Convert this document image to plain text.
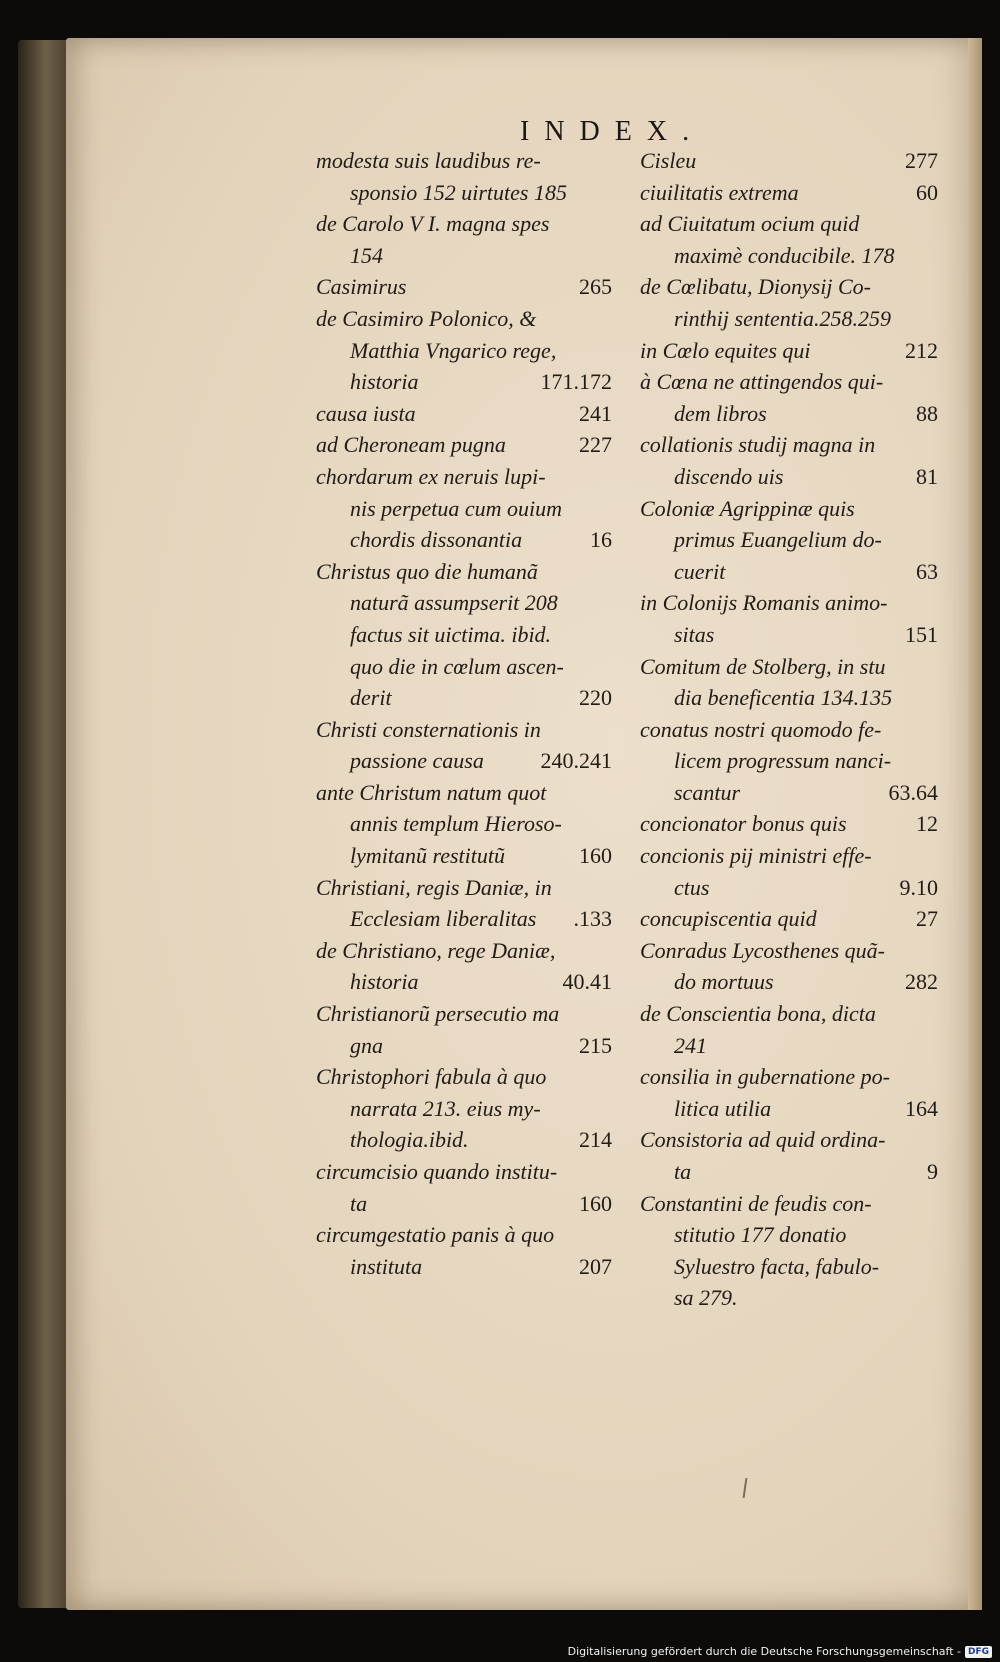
INDEX.
modesta suis laudibus re-
sponsio 152 uirtutes 185
de Carolo V I. magna spes
154
Casimirus	265
de Casimiro Polonico, &
Matthia Vngarico rege,
historia	171.172
causa iusta	241
ad Cheroneam pugna	227
chordarum ex neruis lupi-
nis perpetua cum ouium
chordis dissonantia	16
Christus quo die humanã
naturã assumpserit 208
factus sit uictima. ibid.
quo die in cœlum ascen-
derit	220
Christi consternationis in
passione causa	240.241
ante Christum natum quot
annis templum Hieroso-
lymitanũ restitutũ	160
Christiani, regis Daniæ, in
Ecclesiam liberalitas	.133
de Christiano, rege Daniæ,
historia	40.41
Christianorũ persecutio ma
gna	215
Christophori fabula à quo
narrata 213. eius my-
thologia.ibid.	214
circumcisio quando institu-
ta	160
circumgestatio panis à quo
instituta	207
Cisleu	277
ciuilitatis extrema	60
ad Ciuitatum ocium quid
maximè conducibile. 178
de Cœlibatu, Dionysij Co-
rinthij sententia.258.259
in Cœlo equites qui	212
à Cœna ne attingendos qui-
dem libros	88
collationis studij magna in
discendo uis	81
Coloniæ Agrippinæ quis
primus Euangelium do-
cuerit	63
in Colonijs Romanis animo-
sitas	151
Comitum de Stolberg, in stu
dia beneficentia 134.135
conatus nostri quomodo fe-
licem progressum nanci-
scantur	63.64
concionator bonus quis	12
concionis pij ministri effe-
ctus	9.10
concupiscentia quid	27
Conradus Lycosthenes quã-
do mortuus	282
de Conscientia bona, dicta
241
consilia in gubernatione po-
litica utilia	164
Consistoria ad quid ordina-
ta	9
Constantini de feudis con-
stitutio 177 donatio
Syluestro facta, fabulo-
sa 279.
Digitalisierung gefördert durch die Deutsche Forschungsgemeinschaft - DFG
